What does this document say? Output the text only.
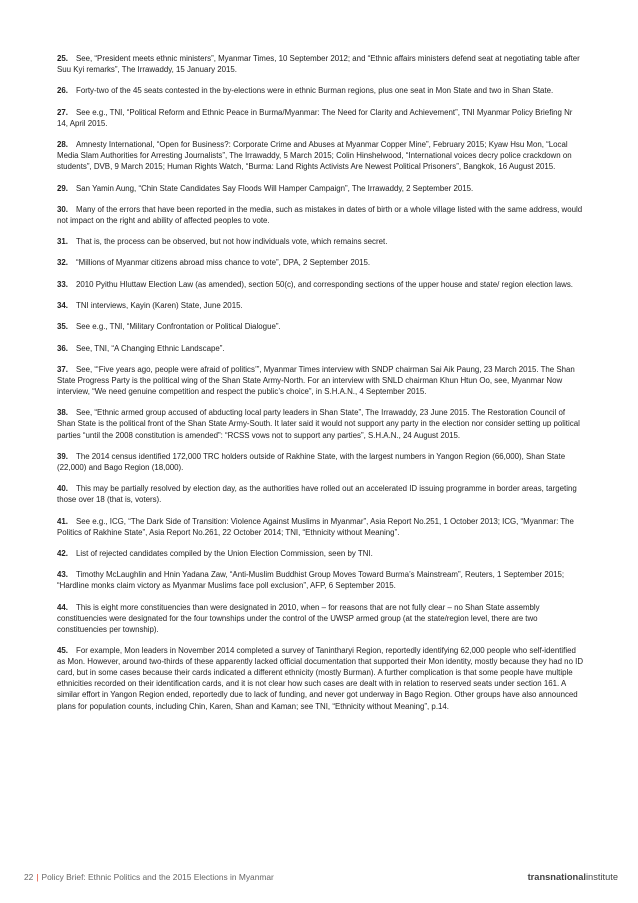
25. See, “President meets ethnic ministers”, Myanmar Times, 10 September 2012; and “Ethnic affairs ministers defend seat at negotiating table after Suu Kyi remarks”, The Irrawaddy, 15 January 2015.

26. Forty-two of the 45 seats contested in the by-elections were in ethnic Burman regions, plus one seat in Mon State and two in Shan State.

27. See e.g., TNI, “Political Reform and Ethnic Peace in Burma/Myanmar: The Need for Clarity and Achievement”, TNI Myanmar Policy Briefing Nr 14, April 2015.

28. Amnesty International, “Open for Business?: Corporate Crime and Abuses at Myanmar Copper Mine”, February 2015; Kyaw Hsu Mon, “Local Media Slam Authorities for Arresting Journalists”, The Irrawaddy, 5 March 2015; Colin Hinshelwood, “International voices decry police crackdown on students”, DVB, 9 March 2015; Human Rights Watch, “Burma: Land Rights Activists Are Newest Political Prisoners”, Bangkok, 16 August 2015.

29. San Yamin Aung, “Chin State Candidates Say Floods Will Hamper Campaign”, The Irrawaddy, 2 September 2015.

30. Many of the errors that have been reported in the media, such as mistakes in dates of birth or a whole village listed with the same address, would not impact on the right and ability of affected peoples to vote.

31. That is, the process can be observed, but not how individuals vote, which remains secret.

32. “Millions of Myanmar citizens abroad miss chance to vote”, DPA, 2 September 2015.

33. 2010 Pyithu Hluttaw Election Law (as amended), section 50(c), and corresponding sections of the upper house and state/ region election laws.

34. TNI interviews, Kayin (Karen) State, June 2015.

35. See e.g., TNI, “Military Confrontation or Political Dialogue”.

36. See, TNI, “A Changing Ethnic Landscape”.

37. See, “‘Five years ago, people were afraid of politics’”, Myanmar Times interview with SNDP chairman Sai Aik Paung, 23 March 2015. The Shan State Progress Party is the political wing of the Shan State Army-North. For an interview with SNLD chairman Khun Htun Oo, see, Myanmar Now interview, “We need genuine competition and respect the public’s choice”, in S.H.A.N., 4 September 2015.

38. See, “Ethnic armed group accused of abducting local party leaders in Shan State”, The Irrawaddy, 23 June 2015. The Restoration Council of Shan State is the political front of the Shan State Army-South. It later said it would not support any party in the election nor consider setting up political parties “until the 2008 constitution is amended”: “RCSS vows not to support any parties”, S.H.A.N., 24 August 2015.

39. The 2014 census identified 172,000 TRC holders outside of Rakhine State, with the largest numbers in Yangon Region (66,000), Shan State (22,000) and Bago Region (18,000).

40. This may be partially resolved by election day, as the authorities have rolled out an accelerated ID issuing programme in border areas, targeting those over 18 (that is, voters).

41. See e.g., ICG, “The Dark Side of Transition: Violence Against Muslims in Myanmar”, Asia Report No.251, 1 October 2013; ICG, “Myanmar: The Politics of Rakhine State”, Asia Report No.261, 22 October 2014; TNI, “Ethnicity without Meaning”.

42. List of rejected candidates compiled by the Union Election Commission, seen by TNI.

43. Timothy McLaughlin and Hnin Yadana Zaw, “Anti-Muslim Buddhist Group Moves Toward Burma’s Mainstream”, Reuters, 1 September 2015; “Hardline monks claim victory as Myanmar Muslims face poll exclusion”, AFP, 6 September 2015.

44. This is eight more constituencies than were designated in 2010, when – for reasons that are not fully clear – no Shan State assembly constituencies were designated for the four townships under the control of the UWSP armed group (at the state/region level, there are two constituencies per township).

45. For example, Mon leaders in November 2014 completed a survey of Tanintharyi Region, reportedly identifying 62,000 people who self-identified as Mon. However, around two-thirds of these apparently lacked official documentation that supported their Mon identity, mostly because they had no ID card, but in some cases because their cards indicated a different ethnicity (mostly Burman). A further complication is that some people have multiple ethnicities recorded on their identification cards, and it is not clear how such cases are dealt with in relation to reserved seats under section 161. A similar effort in Yangon Region ended, reportedly due to lack of funding, and never got underway in Bago Region. Other groups have also announced plans for population counts, including Chin, Karen, Shan and Kaman; see TNI, “Ethnicity without Meaning”, p.14.

22 | Policy Brief: Ethnic Politics and the 2015 Elections in Myanmar	transnationalinstitute
